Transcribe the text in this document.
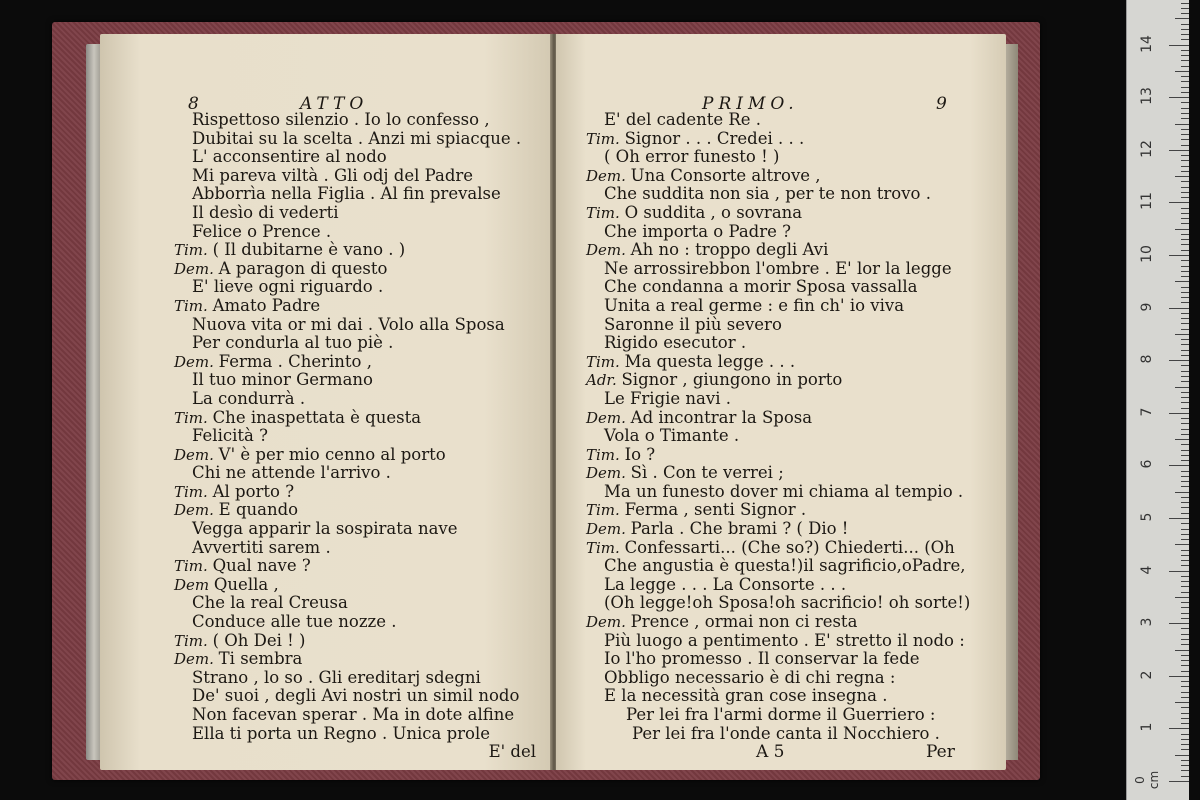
8	ATTO
Rispettoso silenzio . Io lo confesso ,
Dubitai su la scelta . Anzi mi spiacque .
L' acconsentire al nodo
Mi pareva viltà . Gli odj del Padre
Abborrìa nella Figlia . Al fin prevalse
Il desìo di vederti
Felice o Prence .
Tim. ( Il dubitarne è vano . )
Dem. A paragon di questo
E' lieve ogni riguardo .
Tim. Amato Padre
Nuova vita or mi dai . Volo alla Sposa
Per condurla al tuo piè .
Dem. Ferma . Cherinto ,
Il tuo minor Germano
La condurrà .
Tim. Che inaspettata è questa
Felicità ?
Dem. V' è per mio cenno al porto
Chi ne attende l'arrivo .
Tim. Al porto ?
Dem. E quando
Vegga apparir la sospirata nave
Avvertiti sarem .
Tim. Qual nave ?
Dem Quella ,
Che la real Creusa
Conduce alle tue nozze .
Tim. ( Oh Dei ! )
Dem. Ti sembra
Strano , lo so . Gli ereditarj sdegni
De' suoi , degli Avi nostri un simil nodo
Non facevan sperar . Ma in dote alfine
Ella ti porta un Regno . Unica prole
E' del
PRIMO.	9
E' del cadente Re .
Tim. Signor . . . Credei . . .
( Oh error funesto ! )
Dem. Una Consorte altrove ,
Che suddita non sia , per te non trovo .
Tim. O suddita , o sovrana
Che importa o Padre ?
Dem. Ah no : troppo degli Avi
Ne arrossirebbon l'ombre . E' lor la legge
Che condanna a morir Sposa vassalla
Unita a real germe : e fin ch' io viva
Saronne il più severo
Rigido esecutor .
Tim. Ma questa legge . . .
Adr. Signor , giungono in porto
Le Frigie navi .
Dem. Ad incontrar la Sposa
Vola o Timante .
Tim. Io ?
Dem. Sì . Con te verrei ;
Ma un funesto dover mi chiama al tempio .
Tim. Ferma , senti Signor .
Dem. Parla . Che brami ? ( Dio !
Tim. Confessarti... (Che so?) Chiederti... (Oh
Che angustia è questa!)il sagrificio,oPadre,
La legge . . . La Consorte . . .
(Oh legge!oh Sposa!oh sacrificio! oh sorte!)
Dem. Prence , ormai non ci resta
Più luogo a pentimento . E' stretto il nodo :
Io l'ho promesso . Il conservar la fede
Obbligo necessario è di chi regna :
E la necessità gran cose insegna .
Per lei fra l'armi dorme il Guerriero :
Per lei fra l'onde canta il Nocchiero .
A 5	Per
0 cm
1
2
3
4
5
6
7
8
9
10
11
12
13
14
